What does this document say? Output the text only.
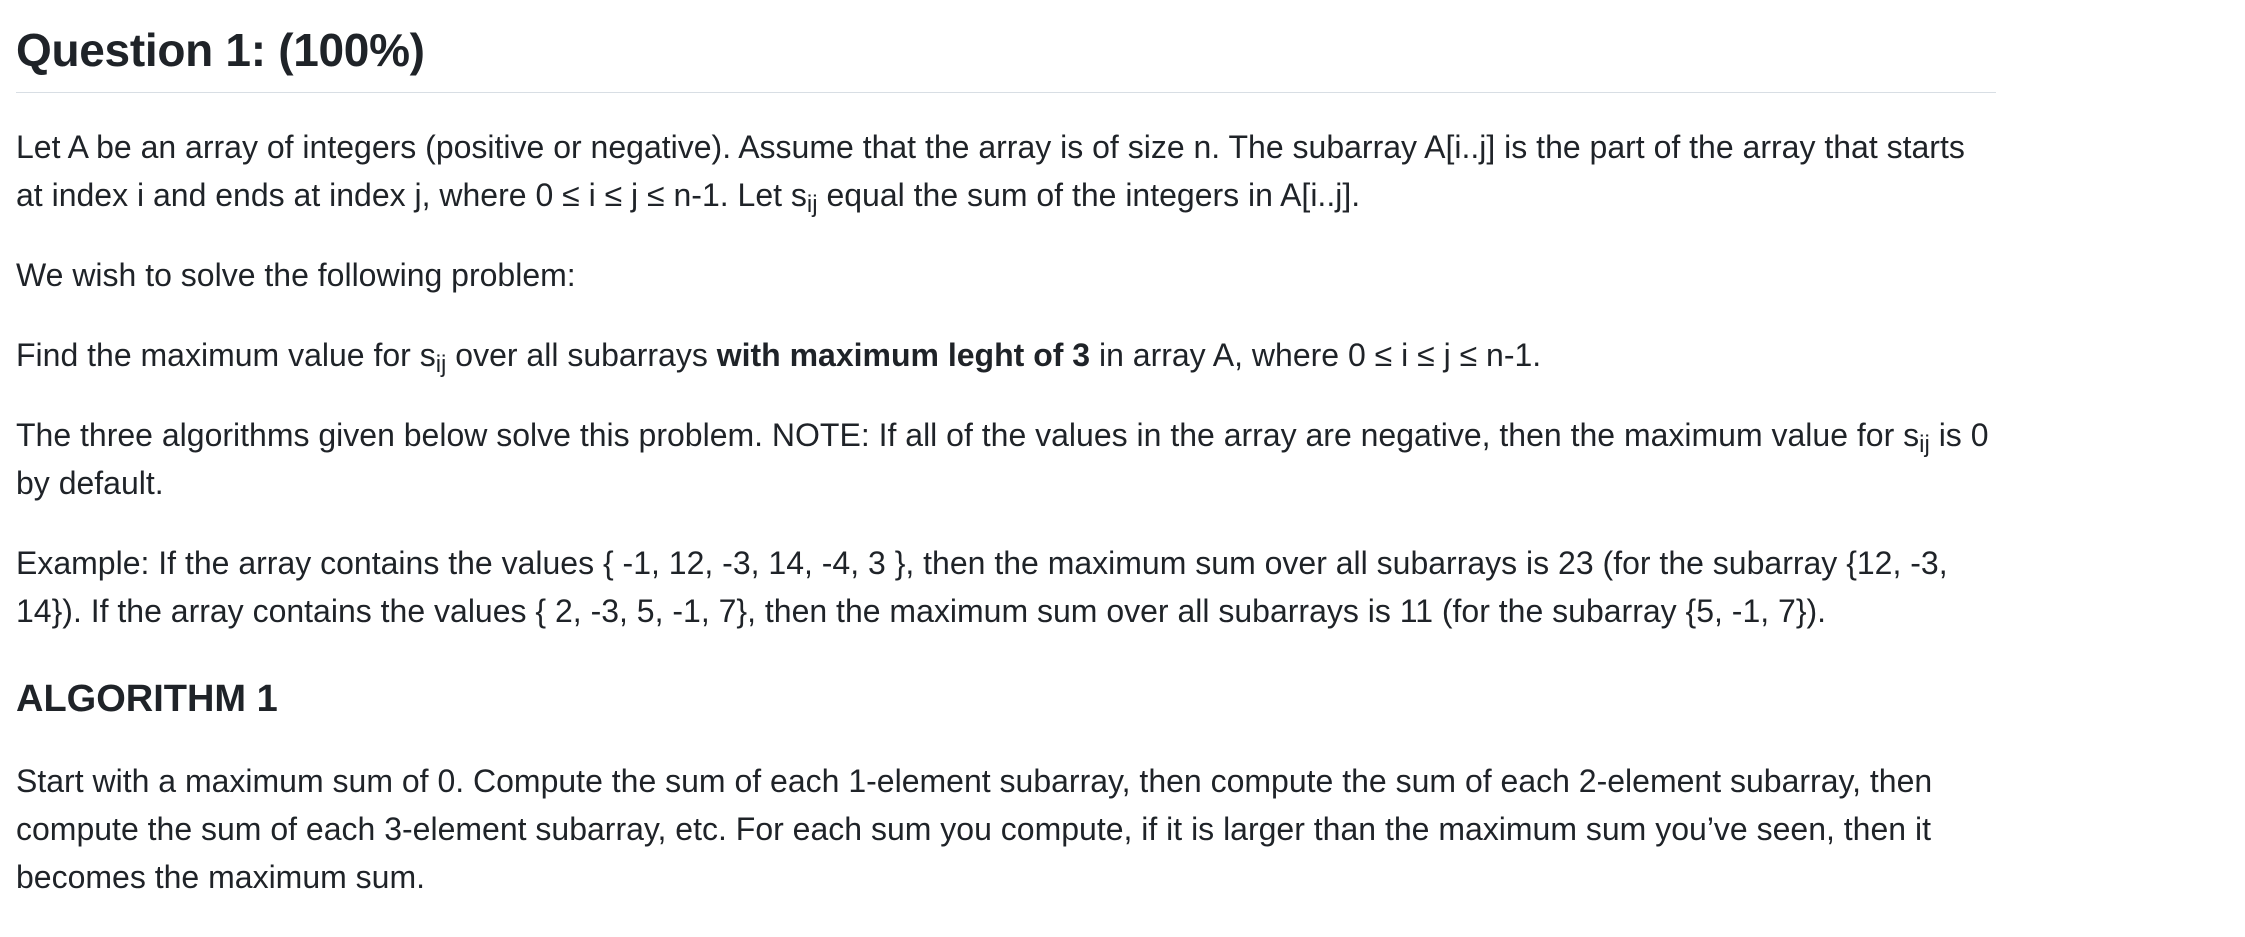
Question 1: (100%)

Let A be an array of integers (positive or negative). Assume that the array is of size n. The subarray A[i..j] is the part of the array that starts at index i and ends at index j, where 0 ≤ i ≤ j ≤ n-1. Let $s_{ij}$ equal the sum of the integers in A[i..j].

We wish to solve the following problem:

Find the maximum value for $s_{ij}$ over all subarrays with maximum leght of 3 in array A, where 0 ≤ i ≤ j ≤ n-1.

The three algorithms given below solve this problem. NOTE: If all of the values in the array are negative, then the maximum value for $s_{ij}$ is 0 by default.

Example: If the array contains the values { -1, 12, -3, 14, -4, 3 }, then the maximum sum over all subarrays is 23 (for the subarray {12, -3, 14}). If the array contains the values { 2, -3, 5, -1, 7}, then the maximum sum over all subarrays is 11 (for the subarray {5, -1, 7}).

ALGORITHM 1

Start with a maximum sum of 0. Compute the sum of each 1-element subarray, then compute the sum of each 2-element subarray, then compute the sum of each 3-element subarray, etc. For each sum you compute, if it is larger than the maximum sum you’ve seen, then it becomes the maximum sum.
